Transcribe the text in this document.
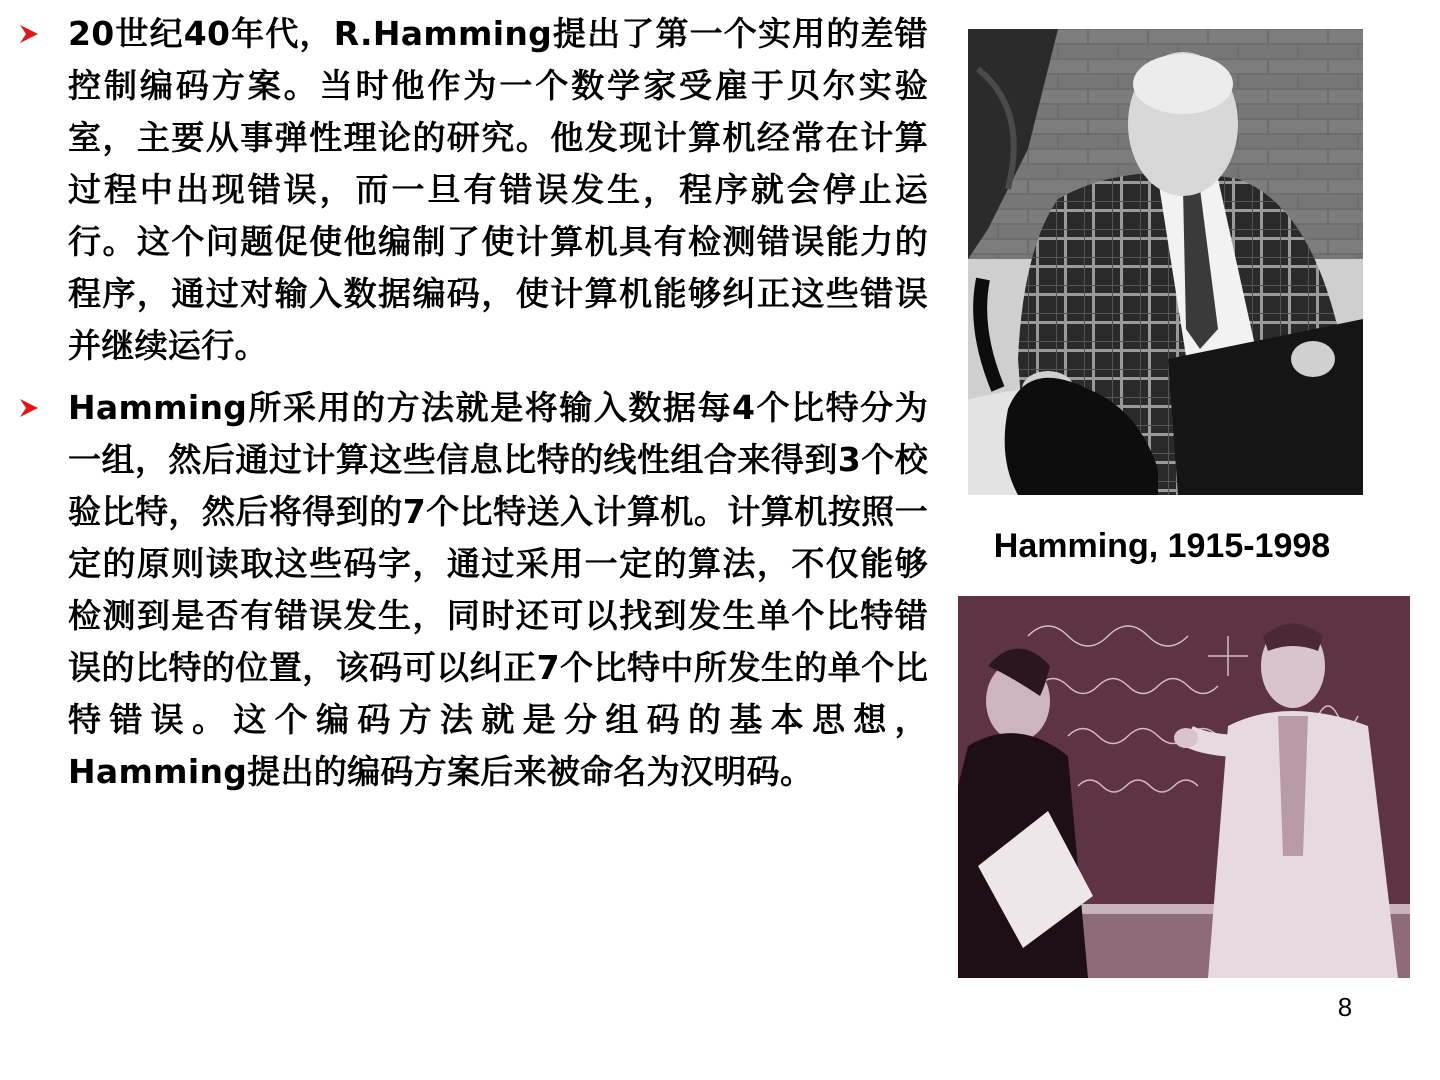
20世纪40年代，R.Hamming提出了第一个实用的差错控制编码方案。当时他作为一个数学家受雇于贝尔实验室，主要从事弹性理论的研究。他发现计算机经常在计算过程中出现错误，而一旦有错误发生，程序就会停止运行。这个问题促使他编制了使计算机具有检测错误能力的程序，通过对输入数据编码，使计算机能够纠正这些错误并继续运行。
Hamming所采用的方法就是将输入数据每4个比特分为一组，然后通过计算这些信息比特的线性组合来得到3个校验比特，然后将得到的7个比特送入计算机。计算机按照一定的原则读取这些码字，通过采用一定的算法，不仅能够检测到是否有错误发生，同时还可以找到发生单个比特错误的比特的位置，该码可以纠正7个比特中所发生的单个比特错误。这个编码方法就是分组码的基本思想，Hamming提出的编码方案后来被命名为汉明码。
Hamming, 1915-1998
8
